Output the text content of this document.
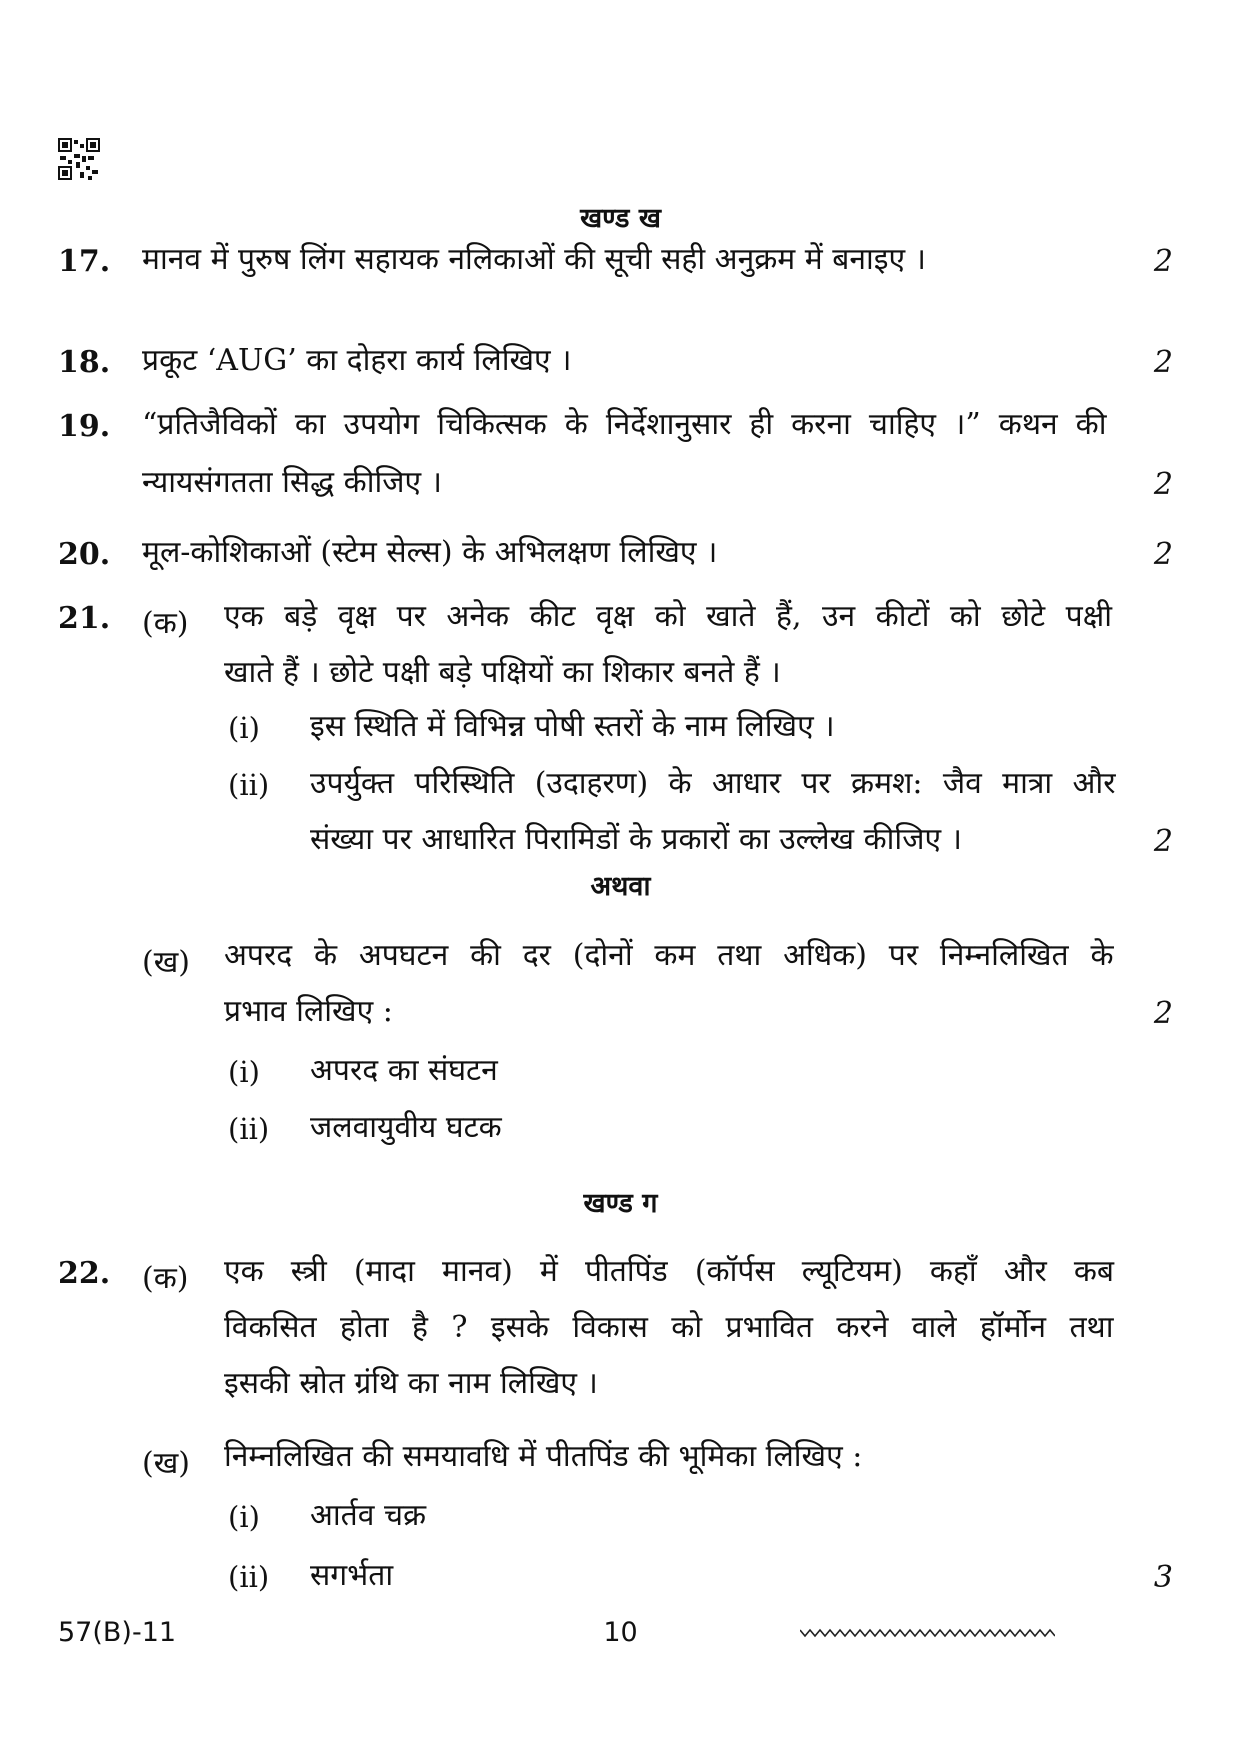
खण्ड ख
17.	मानव में पुरुष लिंग सहायक नलिकाओं की सूची सही अनुक्रम में बनाइए ।	2
18.	प्रकूट ‘AUG’ का दोहरा कार्य लिखिए ।	2
19.	“प्रतिजैविकों का उपयोग चिकित्सक के निर्देशानुसार ही करना चाहिए ।” कथन की
न्यायसंगतता सिद्ध कीजिए ।	2
20.	मूल-कोशिकाओं (स्टेम सेल्स) के अभिलक्षण लिखिए ।	2
21.	(क) एक बड़े वृक्ष पर अनेक कीट वृक्ष को खाते हैं, उन कीटों को छोटे पक्षी
खाते हैं । छोटे पक्षी बड़े पक्षियों का शिकार बनते हैं ।
(i) इस स्थिति में विभिन्न पोषी स्तरों के नाम लिखिए ।
(ii) उपर्युक्त परिस्थिति (उदाहरण) के आधार पर क्रमश: जैव मात्रा और
संख्या पर आधारित पिरामिडों के प्रकारों का उल्लेख कीजिए ।	2
अथवा
(ख) अपरद के अपघटन की दर (दोनों कम तथा अधिक) पर निम्नलिखित के
प्रभाव लिखिए :	2
(i) अपरद का संघटन
(ii) जलवायुवीय घटक
खण्ड ग
22.	(क) एक स्त्री (मादा मानव) में पीतपिंड (कॉर्पस ल्यूटियम) कहाँ और कब
विकसित होता है ? इसके विकास को प्रभावित करने वाले हॉर्मोन तथा
इसकी स्रोत ग्रंथि का नाम लिखिए ।
(ख) निम्नलिखित की समयावधि में पीतपिंड की भूमिका लिखिए :
(i) आर्तव चक्र
(ii) सगर्भता	3
57(B)-11	10
